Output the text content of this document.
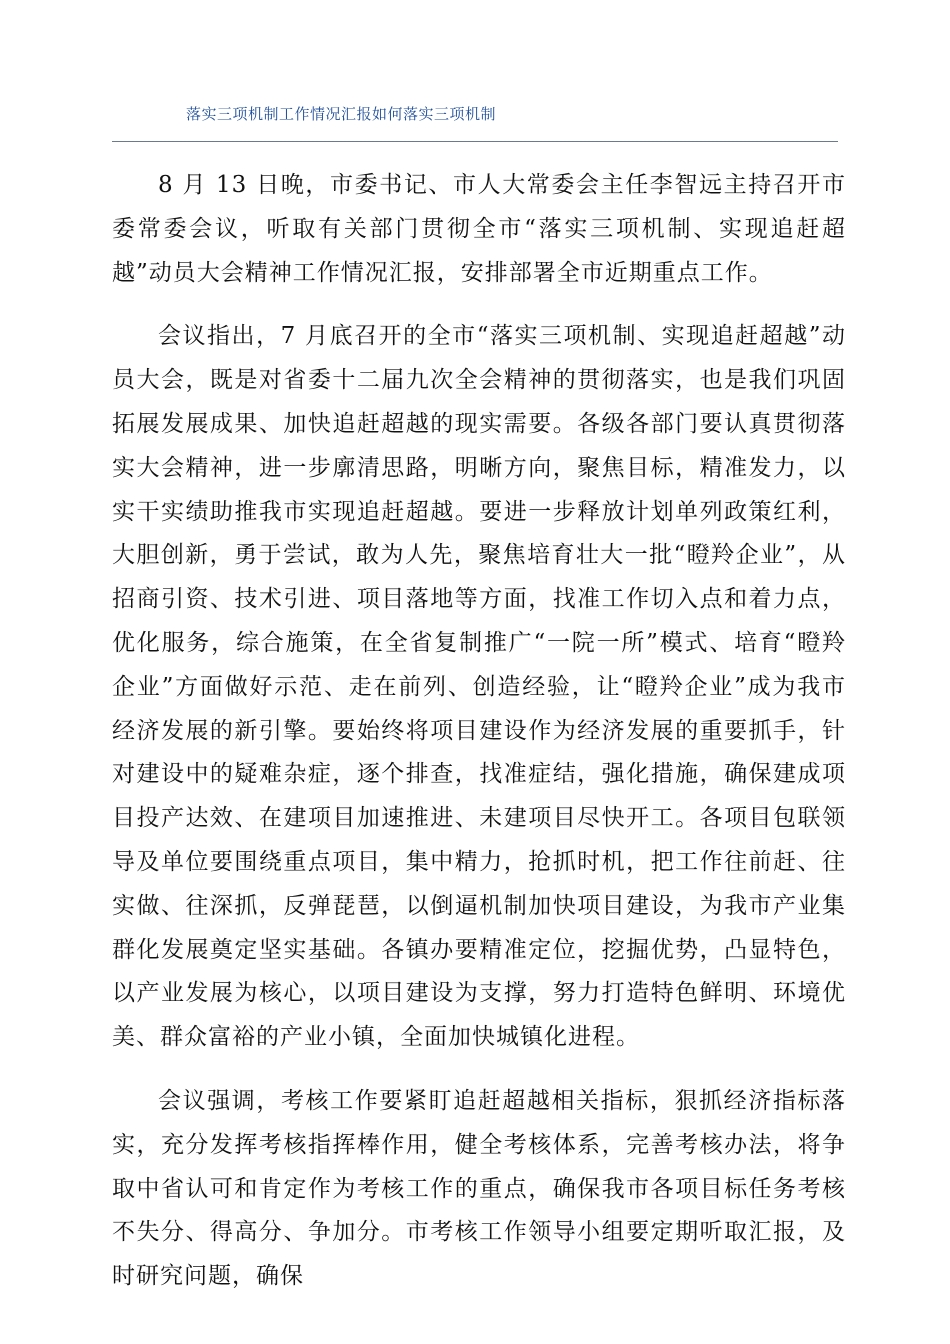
落实三项机制工作情况汇报如何落实三项机制

8 月 13 日晚，市委书记、市人大常委会主任李智远主持召开市委常委会议，听取有关部门贯彻全市“落实三项机制、实现追赶超越”动员大会精神工作情况汇报，安排部署全市近期重点工作。

会议指出，7 月底召开的全市“落实三项机制、实现追赶超越”动员大会，既是对省委十二届九次全会精神的贯彻落实，也是我们巩固拓展发展成果、加快追赶超越的现实需要。各级各部门要认真贯彻落实大会精神，进一步廓清思路，明晰方向，聚焦目标，精准发力，以实干实绩助推我市实现追赶超越。要进一步释放计划单列政策红利，大胆创新，勇于尝试，敢为人先，聚焦培育壮大一批“瞪羚企业”，从招商引资、技术引进、项目落地等方面，找准工作切入点和着力点，优化服务，综合施策，在全省复制推广“一院一所”模式、培育“瞪羚企业”方面做好示范、走在前列、创造经验，让“瞪羚企业”成为我市经济发展的新引擎。要始终将项目建设作为经济发展的重要抓手，针对建设中的疑难杂症，逐个排查，找准症结，强化措施，确保建成项目投产达效、在建项目加速推进、未建项目尽快开工。各项目包联领导及单位要围绕重点项目，集中精力，抢抓时机，把工作往前赶、往实做、往深抓，反弹琵琶，以倒逼机制加快项目建设，为我市产业集群化发展奠定坚实基础。各镇办要精准定位，挖掘优势，凸显特色，以产业发展为核心，以项目建设为支撑，努力打造特色鲜明、环境优美、群众富裕的产业小镇，全面加快城镇化进程。

会议强调，考核工作要紧盯追赶超越相关指标，狠抓经济指标落实，充分发挥考核指挥棒作用，健全考核体系，完善考核办法，将争取中省认可和肯定作为考核工作的重点，确保我市各项目标任务考核不失分、得高分、争加分。市考核工作领导小组要定期听取汇报，及时研究问题，确保
